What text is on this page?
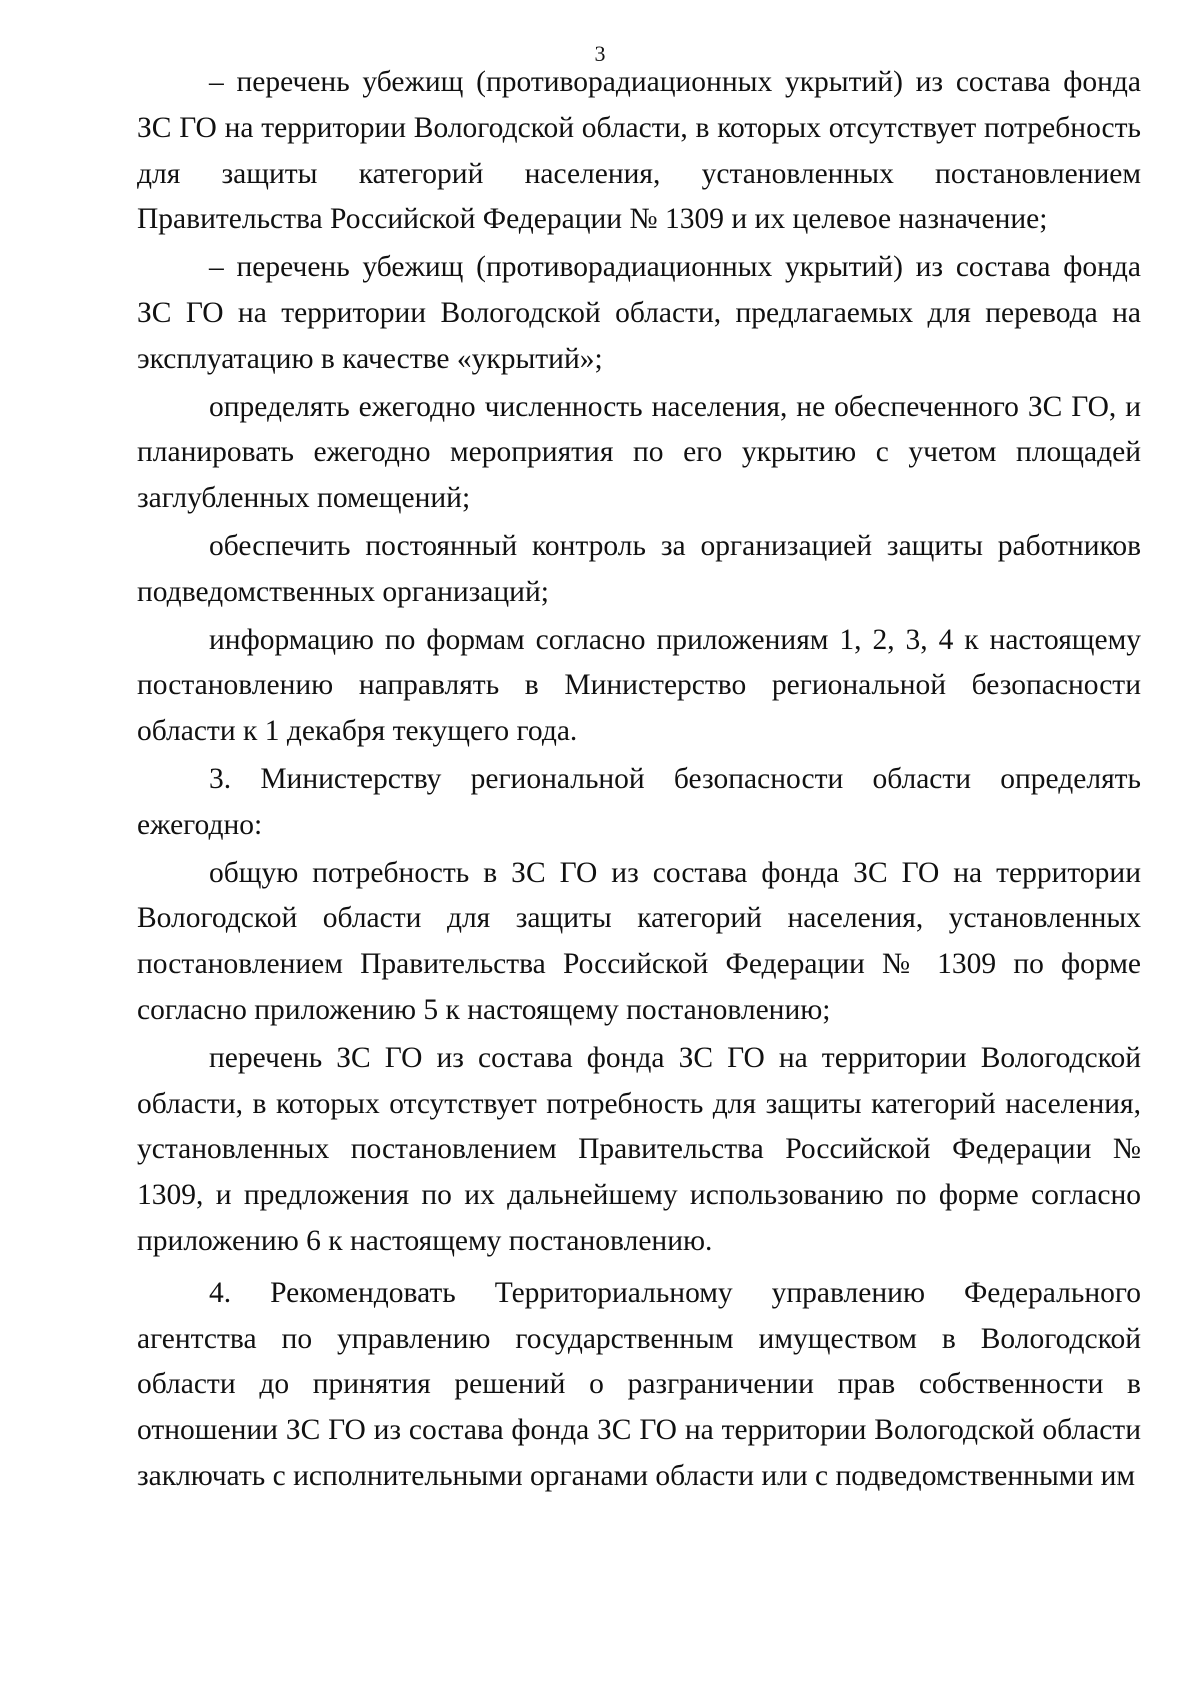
3

– перечень убежищ (противорадиационных укрытий) из состава фонда ЗС ГО на территории Вологодской области, в которых отсутствует потребность для защиты категорий населения, установленных постановлением Правительства Российской Федерации № 1309 и их целевое назначение;

– перечень убежищ (противорадиационных укрытий) из состава фонда ЗС ГО на территории Вологодской области, предлагаемых для перевода на эксплуатацию в качестве «укрытий»;

определять ежегодно численность населения, не обеспеченного ЗС ГО, и планировать ежегодно мероприятия по его укрытию с учетом площадей заглубленных помещений;

обеспечить постоянный контроль за организацией защиты работников подведомственных организаций;

информацию по формам согласно приложениям 1, 2, 3, 4 к настоящему постановлению направлять в Министерство региональной безопасности области к 1 декабря текущего года.

3. Министерству региональной безопасности области определять ежегодно:

общую потребность в ЗС ГО из состава фонда ЗС ГО на территории Вологодской области для защиты категорий населения, установленных постановлением Правительства Российской Федерации № 1309 по форме согласно приложению 5 к настоящему постановлению;

перечень ЗС ГО из состава фонда ЗС ГО на территории Вологодской области, в которых отсутствует потребность для защиты категорий населения, установленных постановлением Правительства Российской Федерации № 1309, и предложения по их дальнейшему использованию по форме согласно приложению 6 к настоящему постановлению.

4. Рекомендовать Территориальному управлению Федерального агентства по управлению государственным имуществом в Вологодской области до принятия решений о разграничении прав собственности в отношении ЗС ГО из состава фонда ЗС ГО на территории Вологодской области заключать с исполнительными органами области или с подведомственными им
